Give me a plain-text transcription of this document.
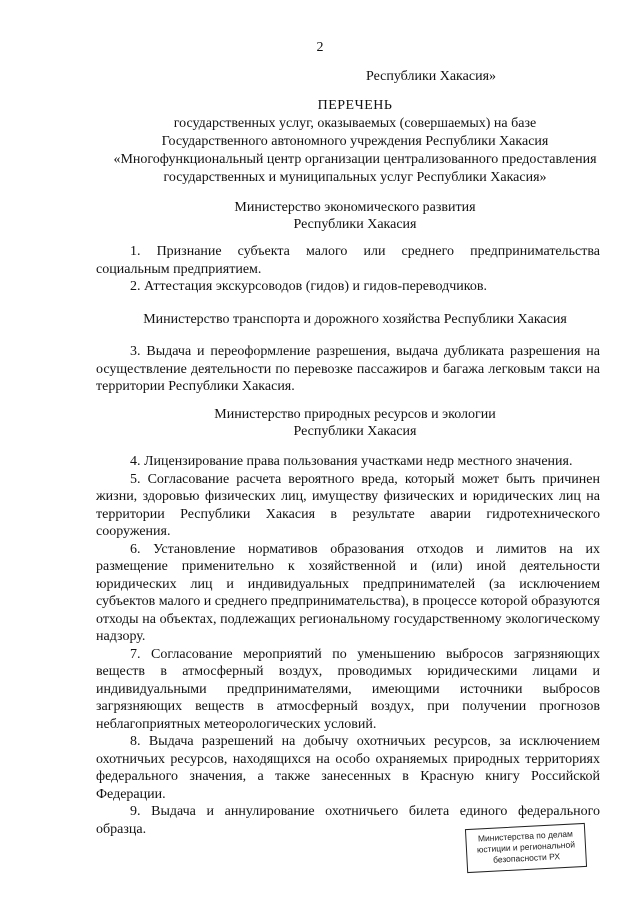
2
Республики Хакасия»
ПЕРЕЧЕНЬ
государственных услуг, оказываемых (совершаемых) на базе
Государственного автономного учреждения Республики Хакасия
«Многофункциональный центр организации централизованного предоставления
государственных и муниципальных услуг Республики Хакасия»
Министерство экономического развития
Республики Хакасия

1. Признание субъекта малого или среднего предпринимательства социальным предприятием.

2. Аттестация экскурсоводов (гидов) и гидов-переводчиков.

Министерство транспорта и дорожного хозяйства Республики Хакасия

3. Выдача и переоформление разрешения, выдача дубликата разрешения на осуществление деятельности по перевозке пассажиров и багажа легковым такси на территории Республики Хакасия.

Министерство природных ресурсов и экологии
Республики Хакасия

4. Лицензирование права пользования участками недр местного значения.

5. Согласование расчета вероятного вреда, который может быть причинен жизни, здоровью физических лиц, имуществу физических и юридических лиц на территории Республики Хакасия в результате аварии гидротехнического сооружения.

6. Установление нормативов образования отходов и лимитов на их размещение применительно к хозяйственной и (или) иной деятельности юридических лиц и индивидуальных предпринимателей (за исключением субъектов малого и среднего предпринимательства), в процессе которой образуются отходы на объектах, подлежащих региональному государственному экологическому надзору.

7. Согласование мероприятий по уменьшению выбросов загрязняющих веществ в атмосферный воздух, проводимых юридическими лицами и индивидуальными предпринимателями, имеющими источники выбросов загрязняющих веществ в атмосферный воздух, при получении прогнозов неблагоприятных метеорологических условий.

8. Выдача разрешений на добычу охотничьих ресурсов, за исключением охотничьих ресурсов, находящихся на особо охраняемых природных территориях федерального значения, а также занесенных в Красную книгу Российской Федерации.

9. Выдача и аннулирование охотничьего билета единого федерального образца.	Министерства по делам
юстиции и региональной
безопасности РХ
